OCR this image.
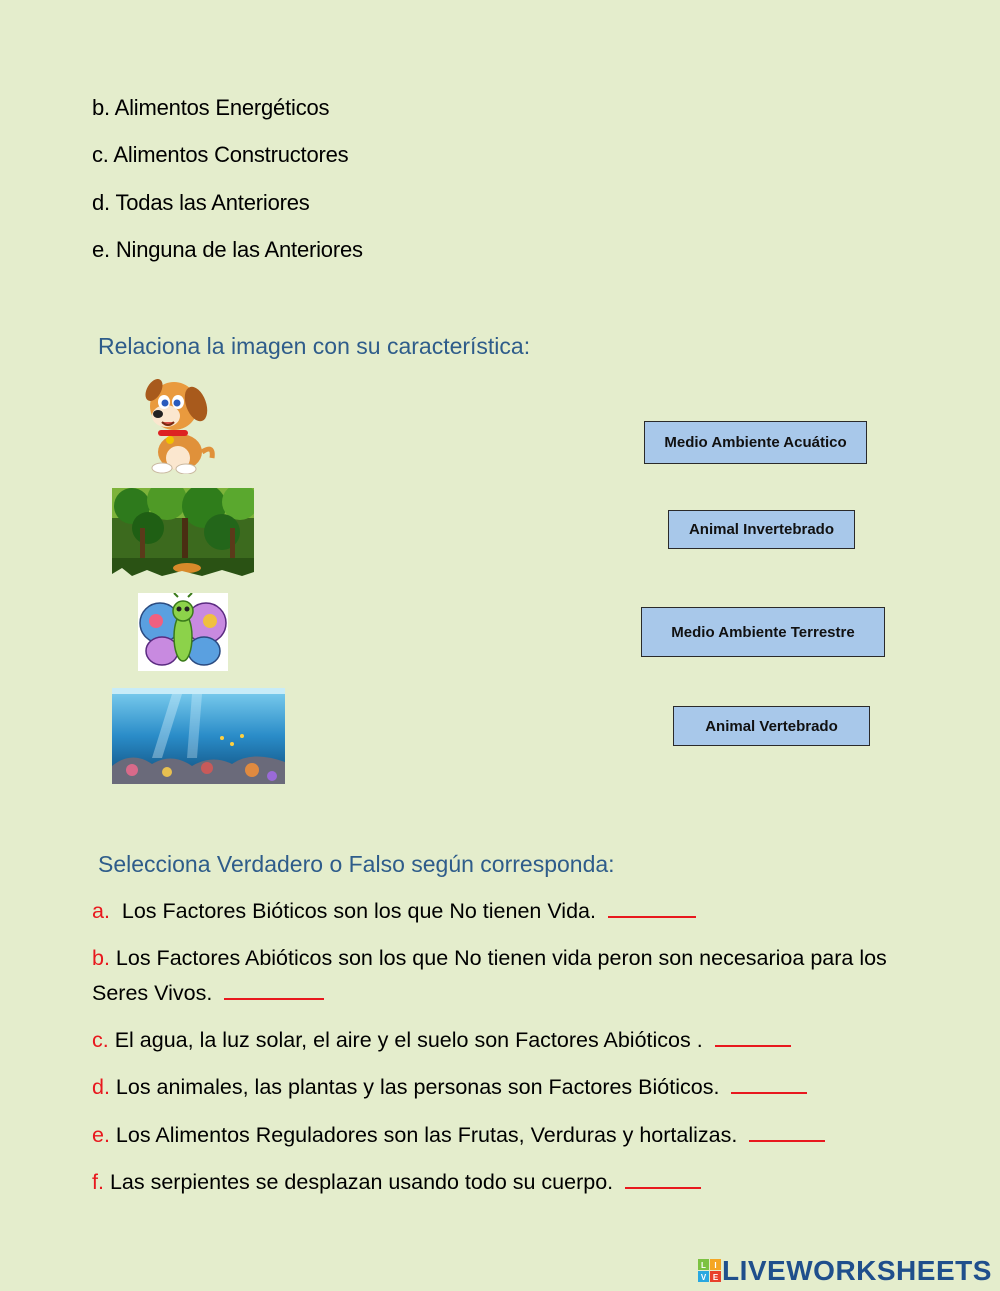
b. Alimentos Energéticos
c. Alimentos Constructores
d. Todas las Anteriores
e. Ninguna de las Anteriores
Relaciona la imagen con su característica:
Medio Ambiente Acuático
Animal Invertebrado
Medio Ambiente Terrestre
Animal Vertebrado
Selecciona Verdadero o Falso según corresponda:
a. Los Factores Bióticos son los que No tienen Vida.
b. Los Factores Abióticos son los que No tienen vida peron son necesarioa para los Seres Vivos.
c. El agua, la luz solar, el aire y el suelo son Factores Abióticos .
d. Los animales, las plantas y las personas son Factores Bióticos.
e. Los Alimentos Reguladores son las Frutas, Verduras y hortalizas.
f. Las serpientes se desplazan usando todo su cuerpo.
L I
V E LIVEWORKSHEETS
